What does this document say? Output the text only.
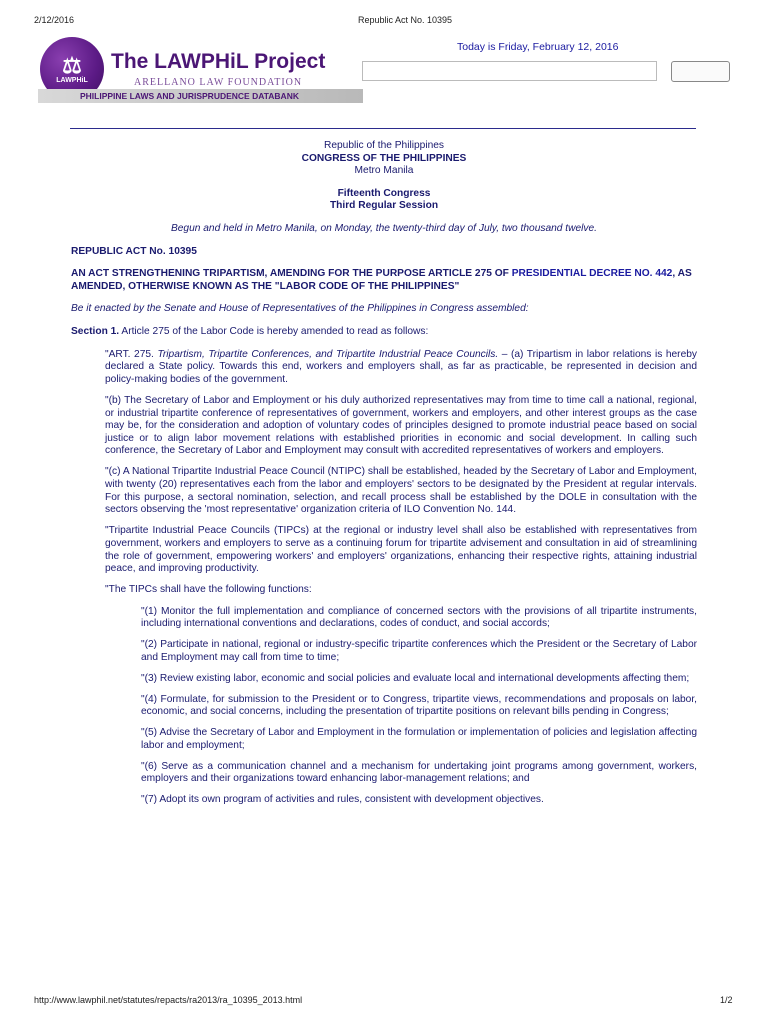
2/12/2016	Republic Act No. 10395
⚖
LAWPHiL
The LAWPHiL Project
ARELLANO LAW FOUNDATION
PHILIPPINE LAWS AND JURISPRUDENCE DATABANK
Today is Friday, February 12, 2016

Republic of the Philippines

CONGRESS OF THE PHILIPPINES

Metro Manila

Fifteenth Congress

Third Regular Session

Begun and held in Metro Manila, on Monday, the twenty-third day of July, two thousand twelve.

REPUBLIC ACT No. 10395

AN ACT STRENGTHENING TRIPARTISM, AMENDING FOR THE PURPOSE ARTICLE 275 OF PRESIDENTIAL DECREE NO. 442, AS AMENDED, OTHERWISE KNOWN AS THE "LABOR CODE OF THE PHILIPPINES"

Be it enacted by the Senate and House of Representatives of the Philippines in Congress assembled:

Section 1. Article 275 of the Labor Code is hereby amended to read as follows:

"ART. 275. Tripartism, Tripartite Conferences, and Tripartite Industrial Peace Councils. – (a) Tripartism in labor relations is hereby declared a State policy. Towards this end, workers and employers shall, as far as practicable, be represented in decision and policy-making bodies of the government.

"(b) The Secretary of Labor and Employment or his duly authorized representatives may from time to time call a national, regional, or industrial tripartite conference of representatives of government, workers and employers, and other interest groups as the case may be, for the consideration and adoption of voluntary codes of principles designed to promote industrial peace based on social justice or to align labor movement relations with established priorities in economic and social development. In calling such conference, the Secretary of Labor and Employment may consult with accredited representatives of workers and employers.

"(c) A National Tripartite Industrial Peace Council (NTIPC) shall be established, headed by the Secretary of Labor and Employment, with twenty (20) representatives each from the labor and employers' sectors to be designated by the President at regular intervals. For this purpose, a sectoral nomination, selection, and recall process shall be established by the DOLE in consultation with the sectors observing the 'most representative' organization criteria of ILO Convention No. 144.

"Tripartite Industrial Peace Councils (TIPCs) at the regional or industry level shall also be established with representatives from government, workers and employers to serve as a continuing forum for tripartite advisement and consultation in aid of streamlining the role of government, empowering workers' and employers' organizations, enhancing their respective rights, attaining industrial peace, and improving productivity.

"The TIPCs shall have the following functions:

"(1) Monitor the full implementation and compliance of concerned sectors with the provisions of all tripartite instruments, including international conventions and declarations, codes of conduct, and social accords;

"(2) Participate in national, regional or industry-specific tripartite conferences which the President or the Secretary of Labor and Employment may call from time to time;

"(3) Review existing labor, economic and social policies and evaluate local and international developments affecting them;

"(4) Formulate, for submission to the President or to Congress, tripartite views, recommendations and proposals on labor, economic, and social concerns, including the presentation of tripartite positions on relevant bills pending in Congress;

"(5) Advise the Secretary of Labor and Employment in the formulation or implementation of policies and legislation affecting labor and employment;

"(6) Serve as a communication channel and a mechanism for undertaking joint programs among government, workers, employers and their organizations toward enhancing labor-management relations; and

"(7) Adopt its own program of activities and rules, consistent with development objectives.

http://www.lawphil.net/statutes/repacts/ra2013/ra_10395_2013.html	1/2
